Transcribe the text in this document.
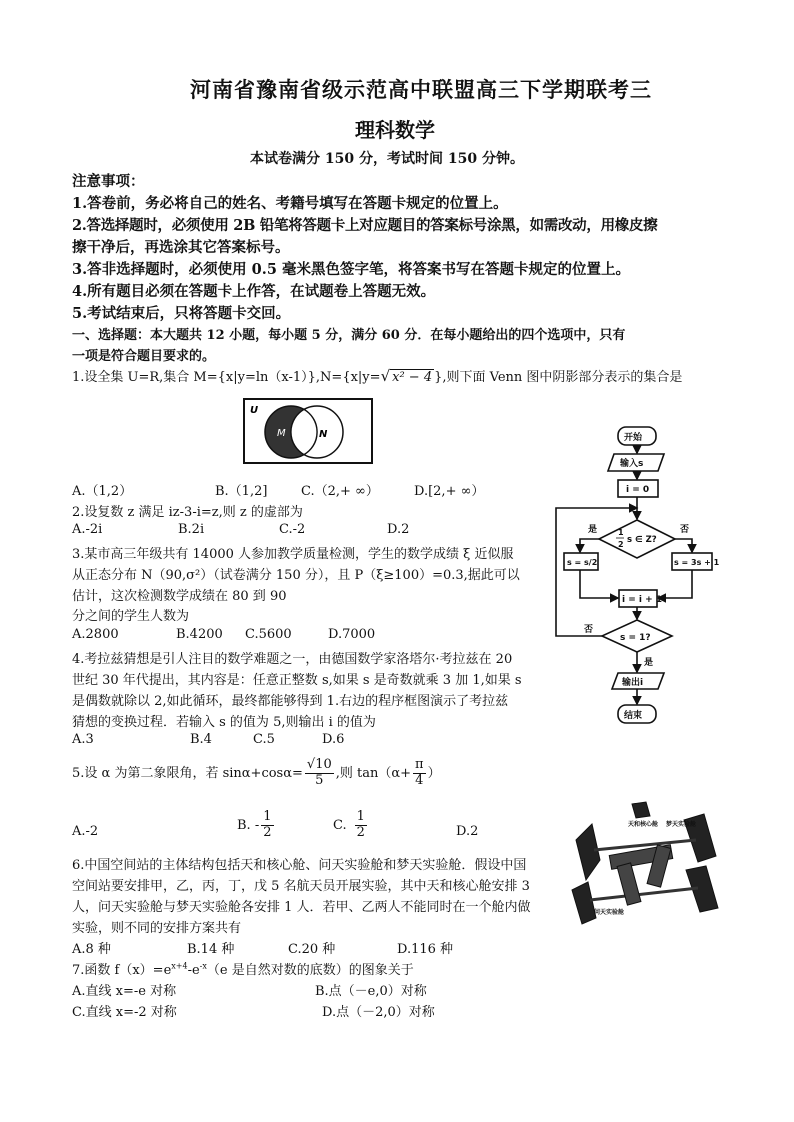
河南省豫南省级示范高中联盟高三下学期联考三
理科数学
本试卷满分 150 分，考试时间 150 分钟。
注意事项：
1.答卷前，务必将自己的姓名、考籍号填写在答题卡规定的位置上。
2.答选择题时，必须使用 2B 铅笔将答题卡上对应题目的答案标号涂黑，如需改动，用橡皮擦
擦干净后，再选涂其它答案标号。
3.答非选择题时，必须使用 0.5 毫米黑色签字笔，将答案书写在答题卡规定的位置上。
4.所有题目必须在答题卡上作答，在试题卷上答题无效。
5.考试结束后，只将答题卡交回。
一、选择题：本大题共 12 小题，每小题 5 分，满分 60 分．在每小题给出的四个选项中，只有
一项是符合题目要求的。
1.设全集 U=R,集合 M={x|y=ln（x-1）},N={x|y=√ x² − 4 },则下面 Venn 图中阴影部分表示的集合是
U
M	N
A.（1,2）	B.（1,2]	C.（2,+ ∞）	D.[2,+ ∞）
2.设复数 z 满足 iz-3-i=z,则 z 的虚部为
A.-2i	B.2i	C.-2	D.2
3.某市高三年级共有 14000 人参加教学质量检测，学生的数学成绩 ξ 近似服
从正态分布 N（90,σ²）（试卷满分 150 分），且 P（ξ≥100）=0.3,据此可以
估计，这次检测数学成绩在 80 到 90
分之间的学生人数为
A.2800	B.4200 C.5600	D.7000
4.考拉兹猜想是引人注目的数学难题之一，由德国数学家洛塔尔·考拉兹在 20
世纪 30 年代提出，其内容是：任意正整数 s,如果 s 是奇数就乘 3 加 1,如果 s
是偶数就除以 2,如此循环，最终都能够得到 1.右边的程序框图演示了考拉兹
猜想的变换过程．若输入 s 的值为 5,则输出 i 的值为
A.3	B.4	C.5	D.6
开始
输入s
i = 0
1
2 s ∈ Z?
是	否
s = s/2	s = 3s + 1
i = i + 1
s = 1?
否
是
输出i
结束
5.设 α 为第二象限角，若 $\sin\alpha+\cos\alpha= \frac{√10}{5}$ ,则 $\tan(\alpha+ \frac{\pi}{4}$ ）
A.-2	B. - $\frac{1}{2}$	C. $\frac{1}{2}$	D.2	天和核心舱 梦天实验舱
问天实验舱
6.中国空间站的主体结构包括天和核心舱、问天实验舱和梦天实验舱．假设中国
空间站要安排甲，乙，丙，丁，戊 5 名航天员开展实验，其中天和核心舱安排 3
人，问天实验舱与梦天实验舱各安排 1 人．若甲、乙两人不能同时在一个舱内做
实验，则不同的安排方案共有
A.8 种	B.14 种	C.20 种	D.116 种
7.函数 $f(x)=e^{x+4}-e^{-x}(e$ 是自然对数的底数）的图象关于
A.直线 x=-e 对称	B.点（－e,0）对称
C.直线 x=-2 对称	D.点（－2,0）对称
